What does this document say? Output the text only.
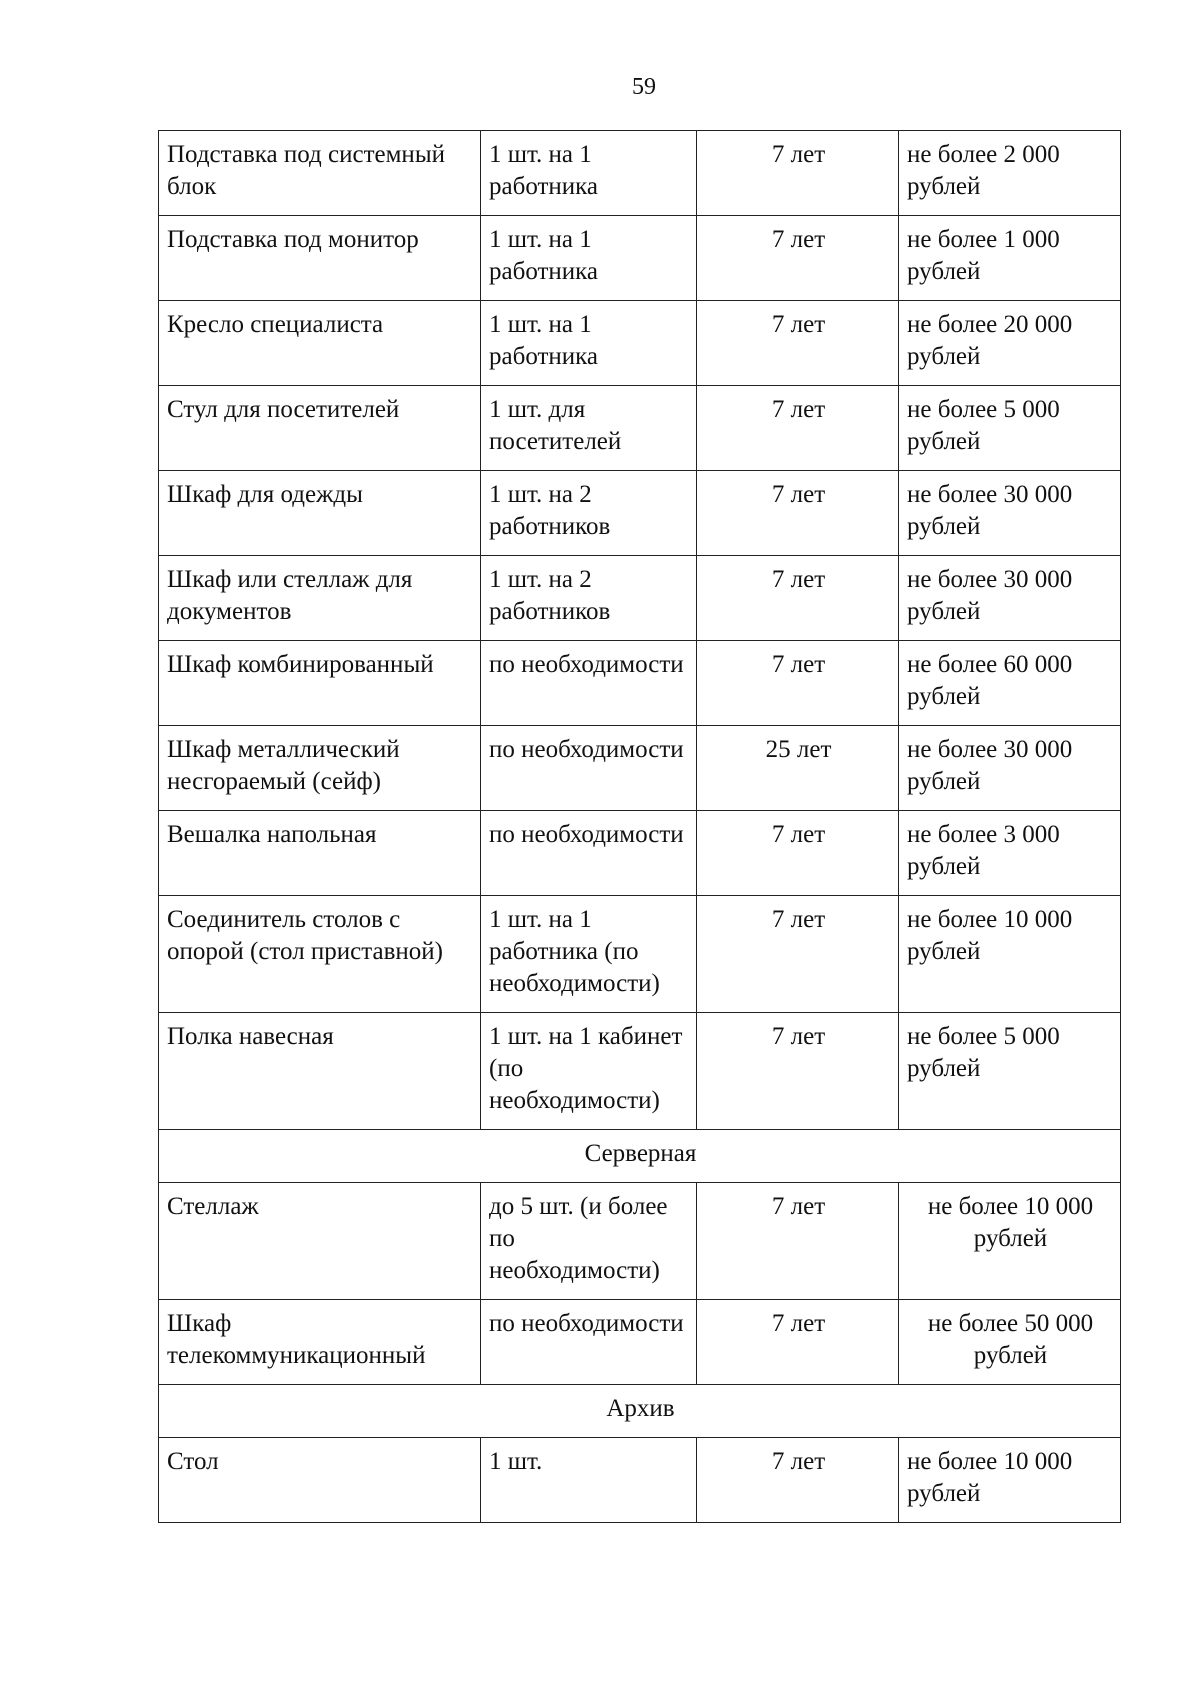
59
Подставка под системный блок	1 шт. на 1 работника	7 лет	не более 2 000 рублей
Подставка под монитор	1 шт. на 1 работника	7 лет	не более 1 000 рублей
Кресло специалиста	1 шт. на 1 работника	7 лет	не более 20 000 рублей
Стул для посетителей	1 шт. для посетителей	7 лет	не более 5 000 рублей
Шкаф для одежды	1 шт. на 2 работников	7 лет	не более 30 000 рублей
Шкаф или стеллаж для документов	1 шт. на 2 работников	7 лет	не более 30 000 рублей
Шкаф комбинированный	по необходимости	7 лет	не более 60 000 рублей
Шкаф металлический несгораемый (сейф)	по необходимости	25 лет	не более 30 000 рублей
Вешалка напольная	по необходимости	7 лет	не более 3 000 рублей
Соединитель столов с опорой (стол приставной)	1 шт. на 1 работника (по необходимости)	7 лет	не более 10 000 рублей
Полка навесная	1 шт. на 1 кабинет (по необходимости)	7 лет	не более 5 000 рублей
Серверная			
Стеллаж	до 5 шт. (и более по необходимости)	7 лет	не более 10 000 рублей
Шкаф телекоммуникационный	по необходимости	7 лет	не более 50 000 рублей
Архив			
Стол	1 шт.	7 лет	не более 10 000 рублей
